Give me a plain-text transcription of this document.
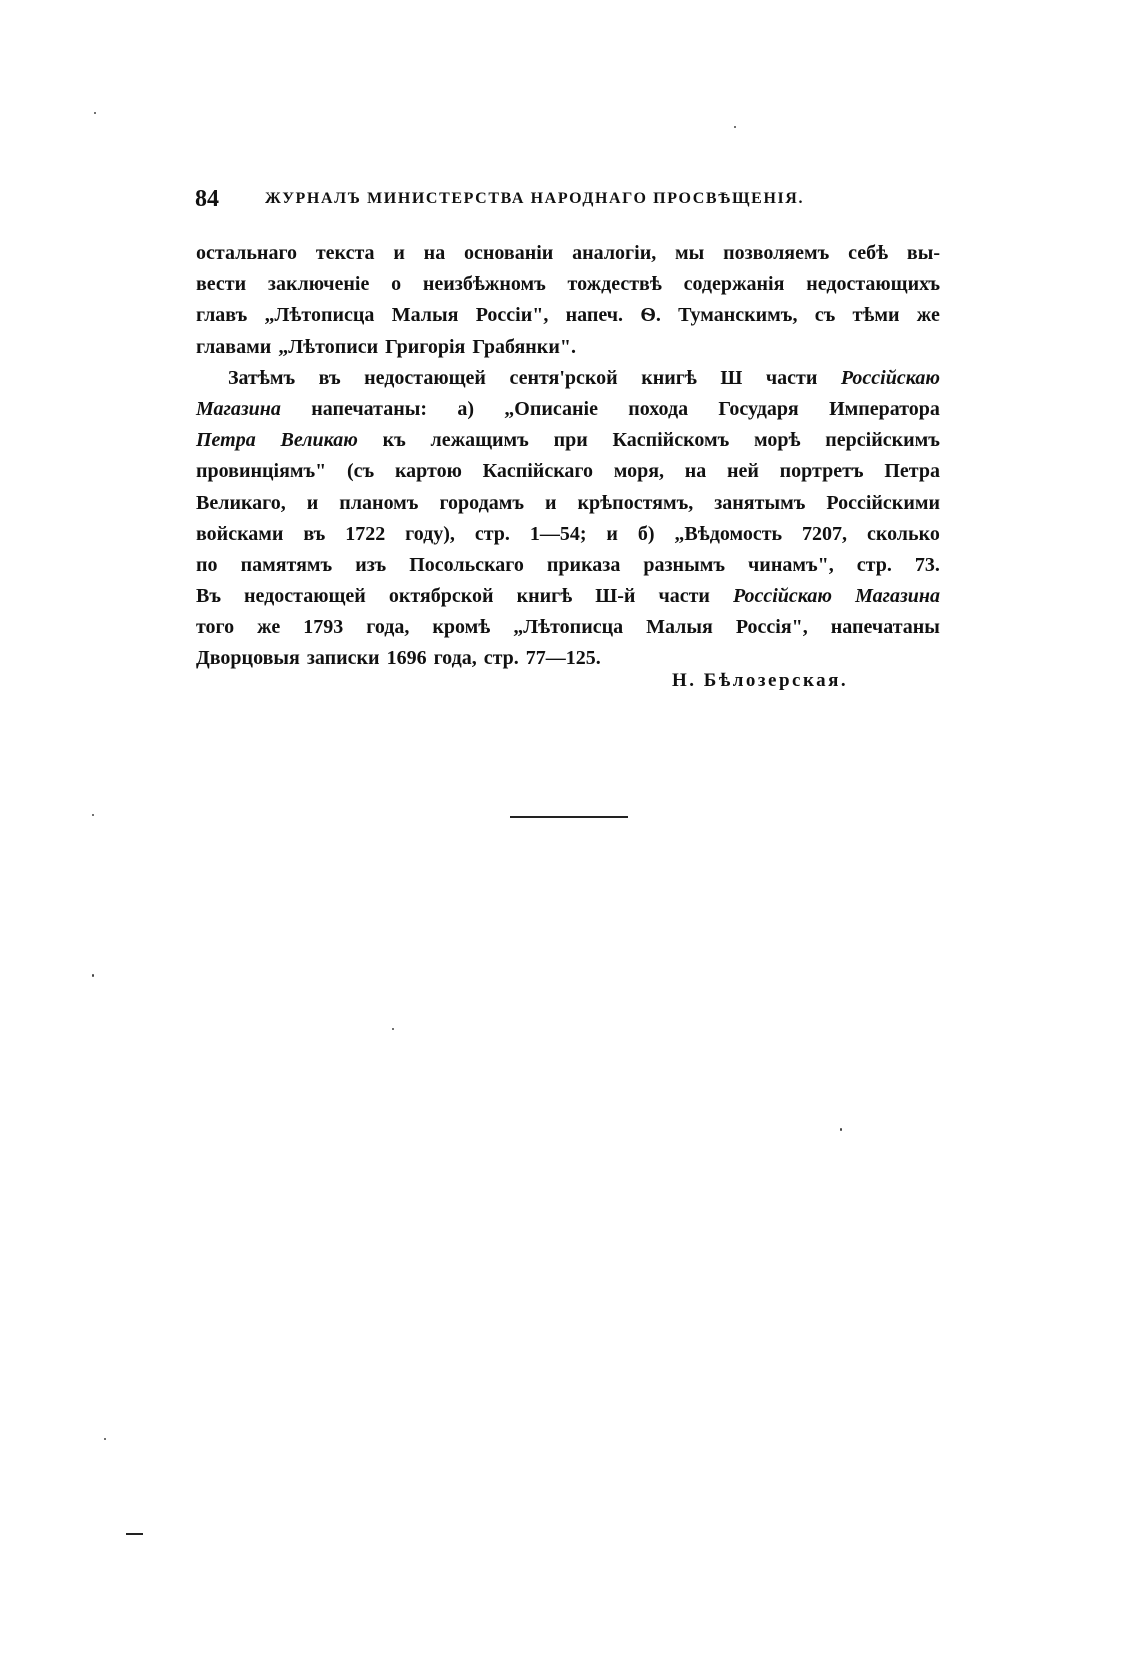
84	ЖУРНАЛЪ МИНИСТЕРСТВА НАРОДНАГО ПРОСВѢЩЕНІЯ.
остальнаго текста и на основаніи аналогіи, мы позволяемъ себѣ вы-
вести заключеніе о неизбѣжномъ тождествѣ содержанія недостающихъ
главъ „Лѣтописца Малыя Россіи", напеч. Ѳ. Туманскимъ, съ тѣми же
главами „Лѣтописи Григорія Грабянки".
Затѣмъ въ недостающей сентя'рской книгѣ Ш части Россійскаю
Магазина напечатаны: а) „Описаніе похода Государя Императора
Петра Великаю къ лежащимъ при Каспійскомъ морѣ персійскимъ
провинціямъ" (съ картою Каспійскаго моря, на ней портретъ Петра
Великаго, и планомъ городамъ и крѣпостямъ, занятымъ Россійскими
войсками въ 1722 году), стр. 1—54; и б) „Вѣдомость 7207, сколько
по памятямъ изъ Посольскаго приказа разнымъ чинамъ", стр. 73.
Въ недостающей октябрской книгѣ Ш-й части Россійскаю Магазина
того же 1793 года, кромѣ „Лѣтописца Малыя Россія", напечатаны
Дворцовыя записки 1696 года, стр. 77—125.
Н. Бѣлозерская.
